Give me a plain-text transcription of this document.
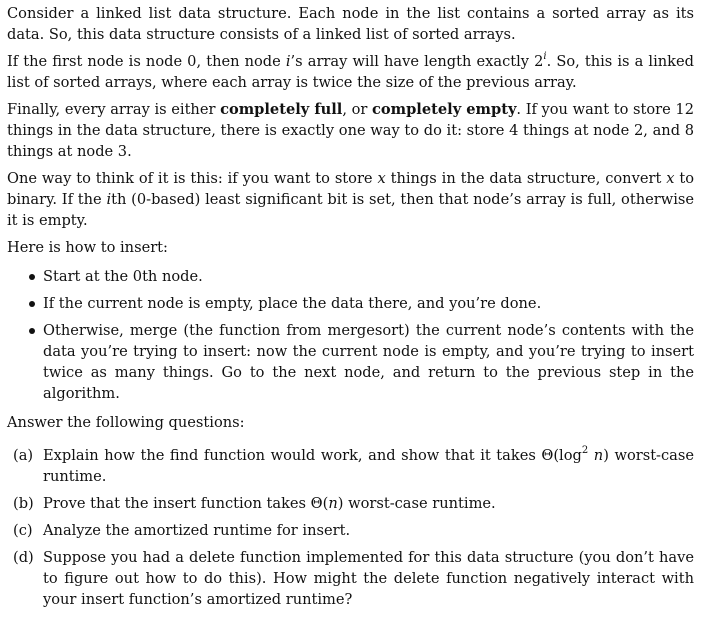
Consider a linked list data structure. Each node in the list contains a sorted array as its data. So, this data structure consists of a linked list of sorted arrays.

If the first node is node 0, then node i’s array will have length exactly 2$^i$. So, this is a linked list of sorted arrays, where each array is twice the size of the previous array.

Finally, every array is either completely full, or completely empty. If you want to store 12 things in the data structure, there is exactly one way to do it: store 4 things at node 2, and 8 things at node 3.

One way to think of it is this: if you want to store x things in the data structure, convert x to binary. If the ith (0-based) least significant bit is set, then that node’s array is full, otherwise it is empty.

Here is how to insert:

Start at the 0th node.
If the current node is empty, place the data there, and you’re done.
Otherwise, merge (the function from mergesort) the current node’s contents with the data you’re trying to insert: now the current node is empty, and you’re trying to insert twice as many things. Go to the next node, and return to the previous step in the algorithm.

Answer the following questions:

(a) Explain how the find function would work, and show that it takes $\Theta(\log^2$ n) worst-case runtime.
(b) Prove that the insert function takes Θ(n) worst-case runtime.
(c) Analyze the amortized runtime for insert.
(d) Suppose you had a delete function implemented for this data structure (you don’t have to figure out how to do this). How might the delete function negatively interact with your insert function’s amortized runtime?
